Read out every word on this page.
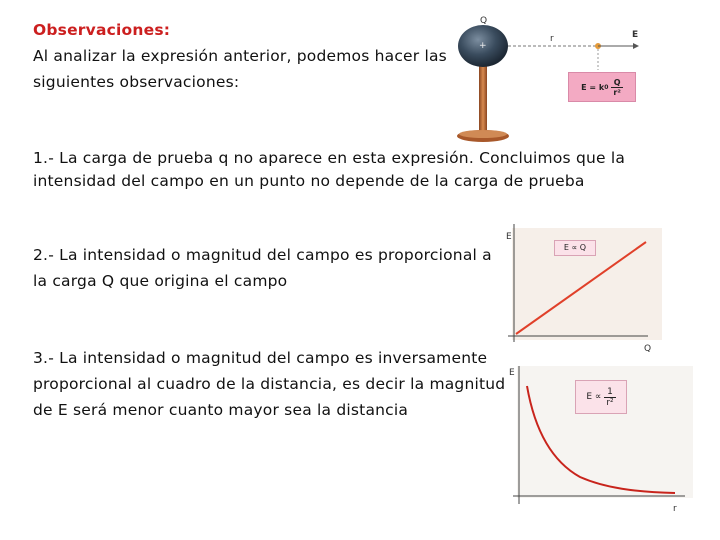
Observaciones:
Al analizar la expresión anterior, podemos hacer las siguientes observaciones:
1.- La carga de prueba q no aparece en esta expresión. Concluimos que la intensidad del campo en un punto no depende de la carga de prueba
2.- La intensidad o magnitud del campo es proporcional a la carga Q que origina el campo
3.- La intensidad o magnitud del campo es inversamente proporcional al cuadro de la distancia, es decir la magnitud de E será menor cuanto mayor sea la distancia
Q
+
r	E
E = k $0 \frac{Q}{\text{r²}}$
E
Q
E ∝ Q
E
r
$E \propto \frac{1}{\text{r²}}$
